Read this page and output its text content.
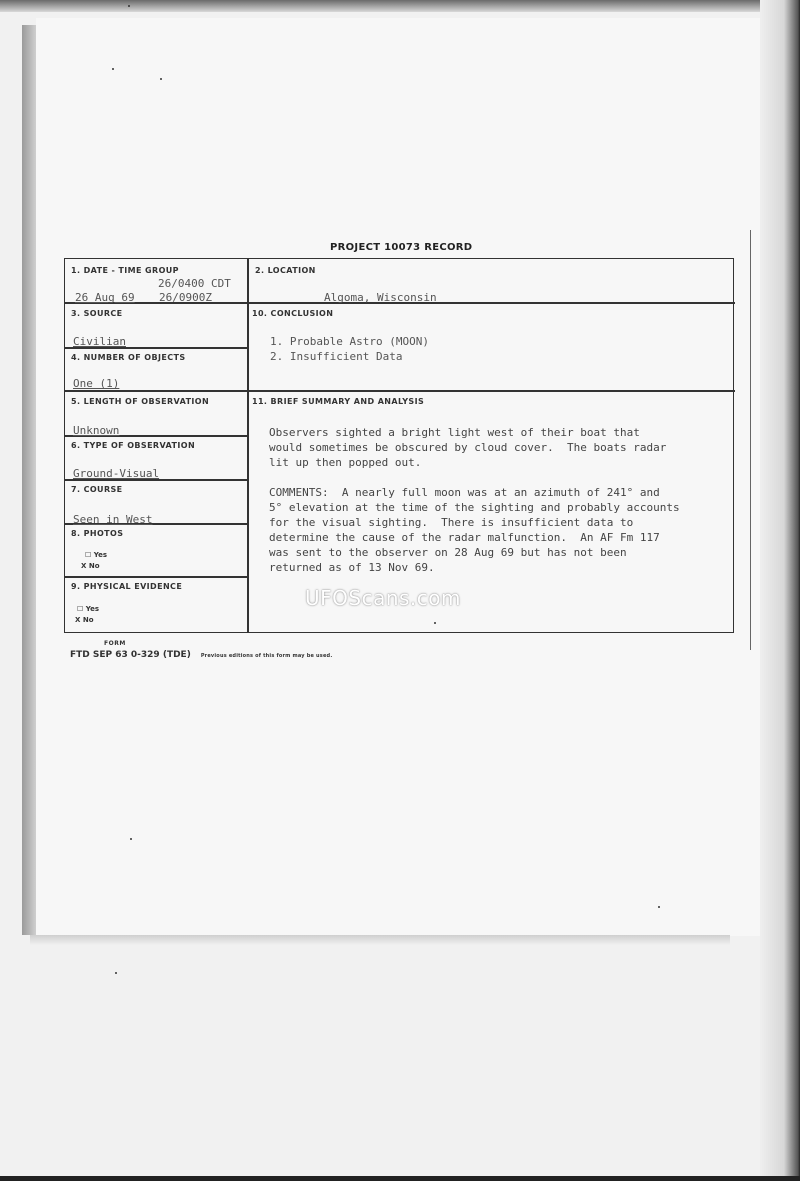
PROJECT 10073 RECORD
1. DATE - TIME GROUP
26/0400 CDT
26 Aug 69 26/0900Z
2. LOCATION
Algoma, Wisconsin
3. SOURCE
Civilian
10. CONCLUSION
1. Probable Astro (MOON)
2. Insufficient Data
4. NUMBER OF OBJECTS
One (1)
5. LENGTH OF OBSERVATION
Unknown
11. BRIEF SUMMARY AND ANALYSIS
Observers sighted a bright light west of their boat that
would sometimes be obscured by cloud cover.  The boats radar
lit up then popped out.

COMMENTS:  A nearly full moon was at an azimuth of 241° and
5° elevation at the time of the sighting and probably accounts
for the visual sighting.  There is insufficient data to
determine the cause of the radar malfunction.  An AF Fm 117
was sent to the observer on 28 Aug 69 but has not been
returned as of 13 Nov 69.
6. TYPE OF OBSERVATION
Ground-Visual
7. COURSE
Seen in West
8. PHOTOS
☐ Yes
X No
9. PHYSICAL EVIDENCE
☐ Yes
X No
UFOScans.com
FORM
FTD SEP 63 0-329 (TDE) Previous editions of this form may be used.
